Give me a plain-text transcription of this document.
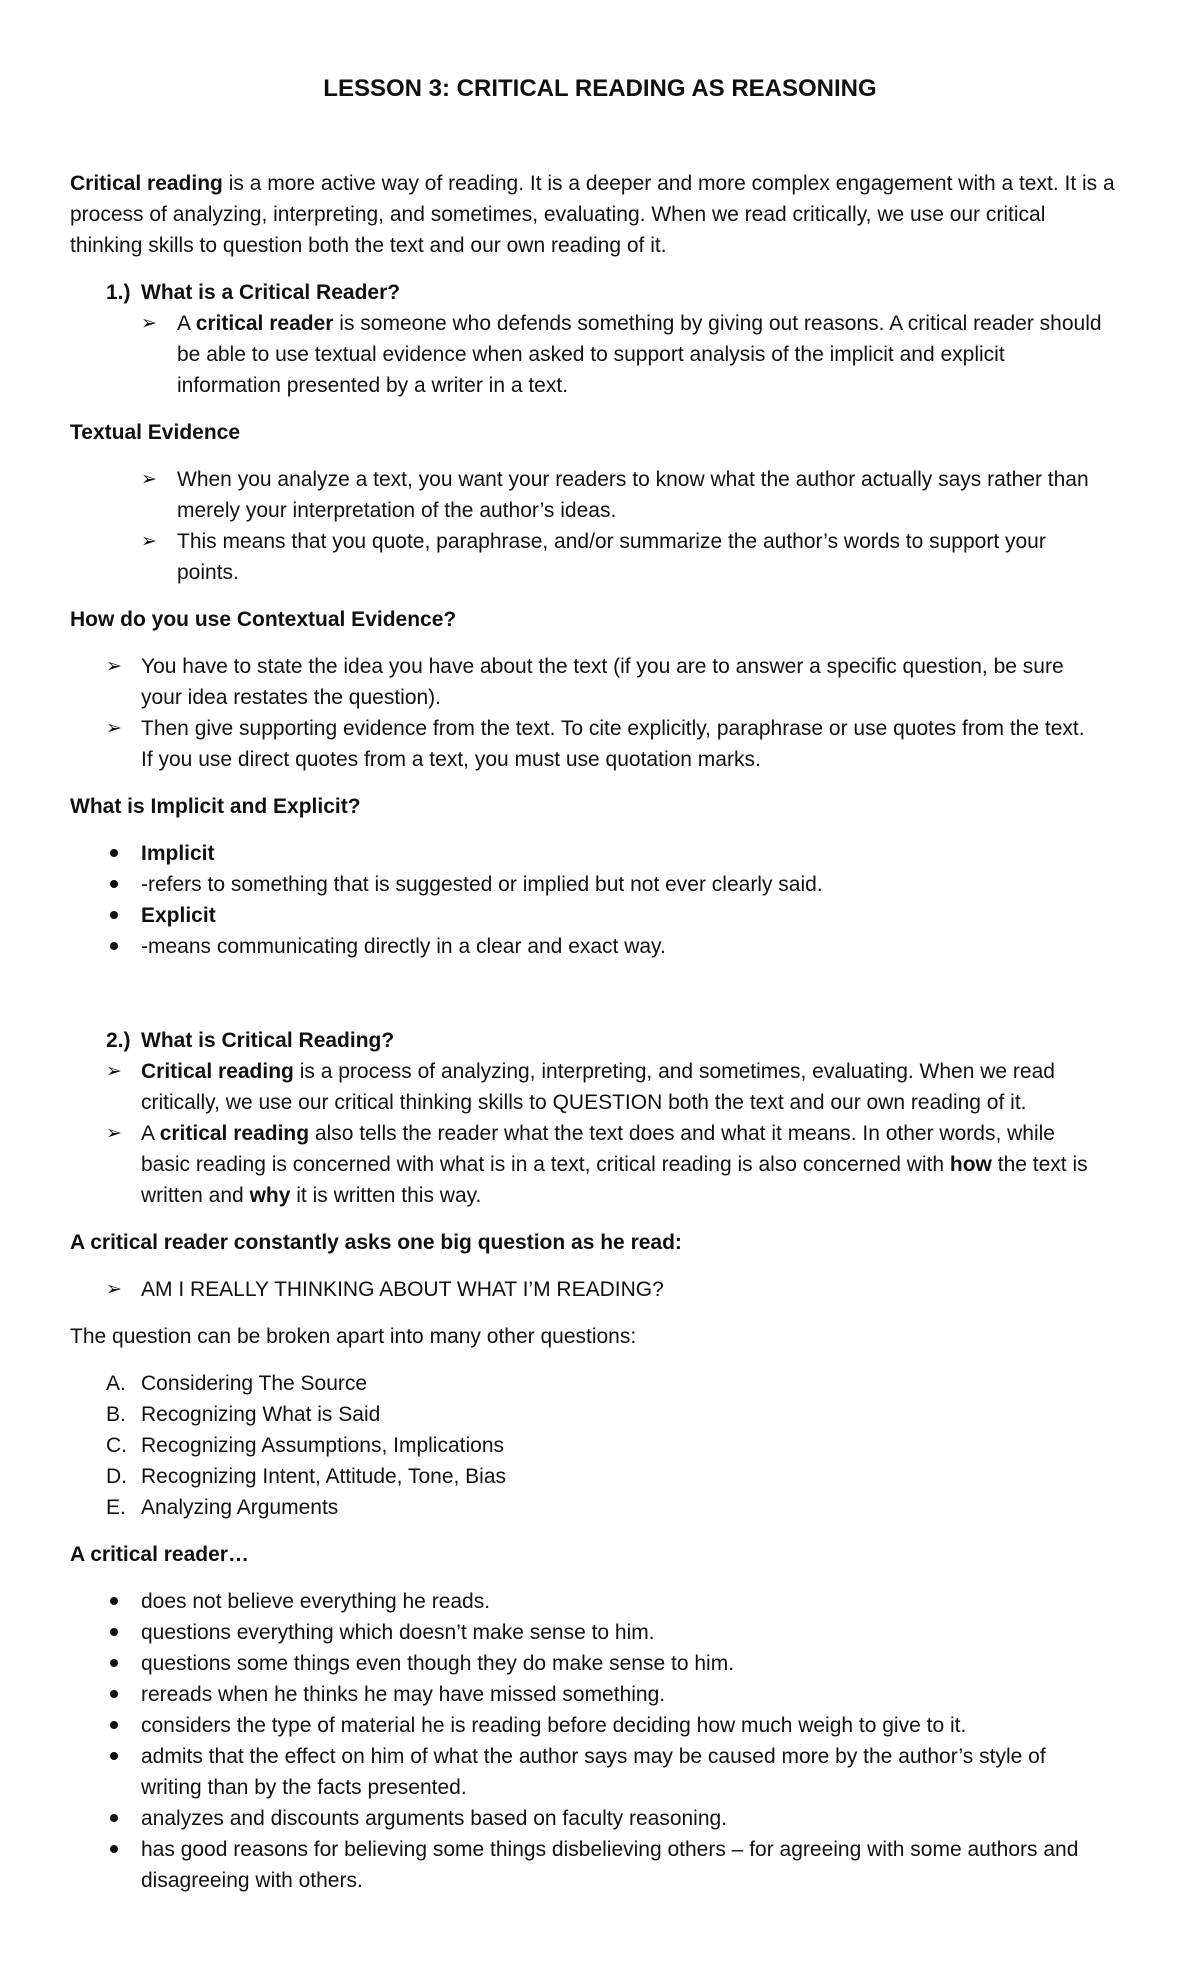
LESSON 3: CRITICAL READING AS REASONING
Critical reading is a more active way of reading. It is a deeper and more complex engagement with a text. It is a
process of analyzing, interpreting, and sometimes, evaluating. When we read critically, we use our critical
thinking skills to question both the text and our own reading of it.
1.) What is a Critical Reader?
➢ A critical reader is someone who defends something by giving out reasons. A critical reader should
be able to use textual evidence when asked to support analysis of the implicit and explicit
information presented by a writer in a text.
Textual Evidence
➢ When you analyze a text, you want your readers to know what the author actually says rather than
merely your interpretation of the author’s ideas.
➢ This means that you quote, paraphrase, and/or summarize the author’s words to support your
points.
How do you use Contextual Evidence?
➢ You have to state the idea you have about the text (if you are to answer a specific question, be sure
your idea restates the question).
➢ Then give supporting evidence from the text. To cite explicitly, paraphrase or use quotes from the text.
If you use direct quotes from a text, you must use quotation marks.
What is Implicit and Explicit?
Implicit
-refers to something that is suggested or implied but not ever clearly said.
Explicit
-means communicating directly in a clear and exact way.
2.) What is Critical Reading?
➢ Critical reading is a process of analyzing, interpreting, and sometimes, evaluating. When we read
critically, we use our critical thinking skills to QUESTION both the text and our own reading of it.
➢ A critical reading also tells the reader what the text does and what it means. In other words, while
basic reading is concerned with what is in a text, critical reading is also concerned with how the text is
written and why it is written this way.
A critical reader constantly asks one big question as he read:
➢ AM I REALLY THINKING ABOUT WHAT I’M READING?
The question can be broken apart into many other questions:
A. Considering The Source
B. Recognizing What is Said
C. Recognizing Assumptions, Implications
D. Recognizing Intent, Attitude, Tone, Bias
E. Analyzing Arguments
A critical reader…
does not believe everything he reads.
questions everything which doesn’t make sense to him.
questions some things even though they do make sense to him.
rereads when he thinks he may have missed something.
considers the type of material he is reading before deciding how much weigh to give to it.
admits that the effect on him of what the author says may be caused more by the author’s style of
writing than by the facts presented.
analyzes and discounts arguments based on faculty reasoning.
has good reasons for believing some things disbelieving others – for agreeing with some authors and
disagreeing with others.
